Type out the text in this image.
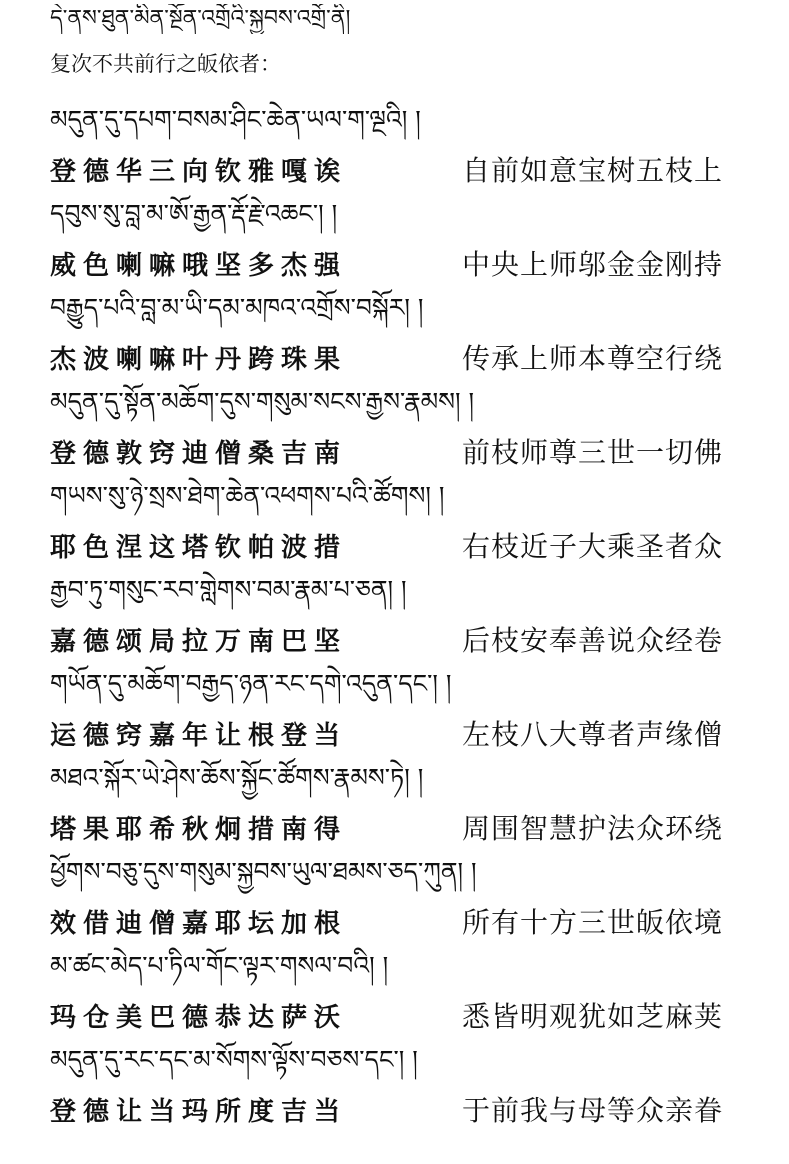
དེ་ནས་ཐུན་མིན་སྔོན་འགྲོའི་སྐྱབས་འགྲོ་ནི།
复次不共前行之皈依者：
མདུན་དུ་དཔག་བསམ་ཤིང་ཆེན་ཡལ་ག་ལྔའི། །
登德华三向钦雅嘎诶	自前如意宝树五枝上
དབུས་སུ་བླ་མ་ཨོ་རྒྱན་རྡོ་རྗེ་འཆང་། །
威色喇嘛哦坚多杰强	中央上师邬金金刚持
བརྒྱུད་པའི་བླ་མ་ཡི་དམ་མཁའ་འགྲོས་བསྐོར། །
杰波喇嘛叶丹跨珠果	传承上师本尊空行绕
མདུན་དུ་སྟོན་མཆོག་དུས་གསུམ་སངས་རྒྱས་རྣམས། །
登德敦窍迪僧桑吉南	前枝师尊三世一切佛
གཡས་སུ་ཉེ་སྲས་ཐེག་ཆེན་འཕགས་པའི་ཚོགས། །
耶色涅这塔钦帕波措	右枝近子大乘圣者众
རྒྱབ་ཏུ་གསུང་རབ་གླེགས་བམ་རྣམ་པ་ཅན། །
嘉德颂局拉万南巴坚	后枝安奉善说众经卷
གཡོན་དུ་མཆོག་བརྒྱད་ཉན་རང་དགེ་འདུན་དང་། །
运德窍嘉年让根登当	左枝八大尊者声缘僧
མཐའ་སྐོར་ཡེ་ཤེས་ཆོས་སྐྱོང་ཚོགས་རྣམས་ཏེ། །
塔果耶希秋炯措南得	周围智慧护法众环绕
ཕྱོགས་བཅུ་དུས་གསུམ་སྐྱབས་ཡུལ་ཐམས་ཅད་ཀུན། །
效借迪僧嘉耶坛加根	所有十方三世皈依境
མ་ཚང་མེད་པ་ཏིལ་གོང་ལྟར་གསལ་བའི། །
玛仓美巴德恭达萨沃	悉皆明观犹如芝麻荚
མདུན་དུ་རང་དང་མ་སོགས་ལྟོས་བཅས་དང་། །
登德让当玛所度吉当	于前我与母等众亲眷
